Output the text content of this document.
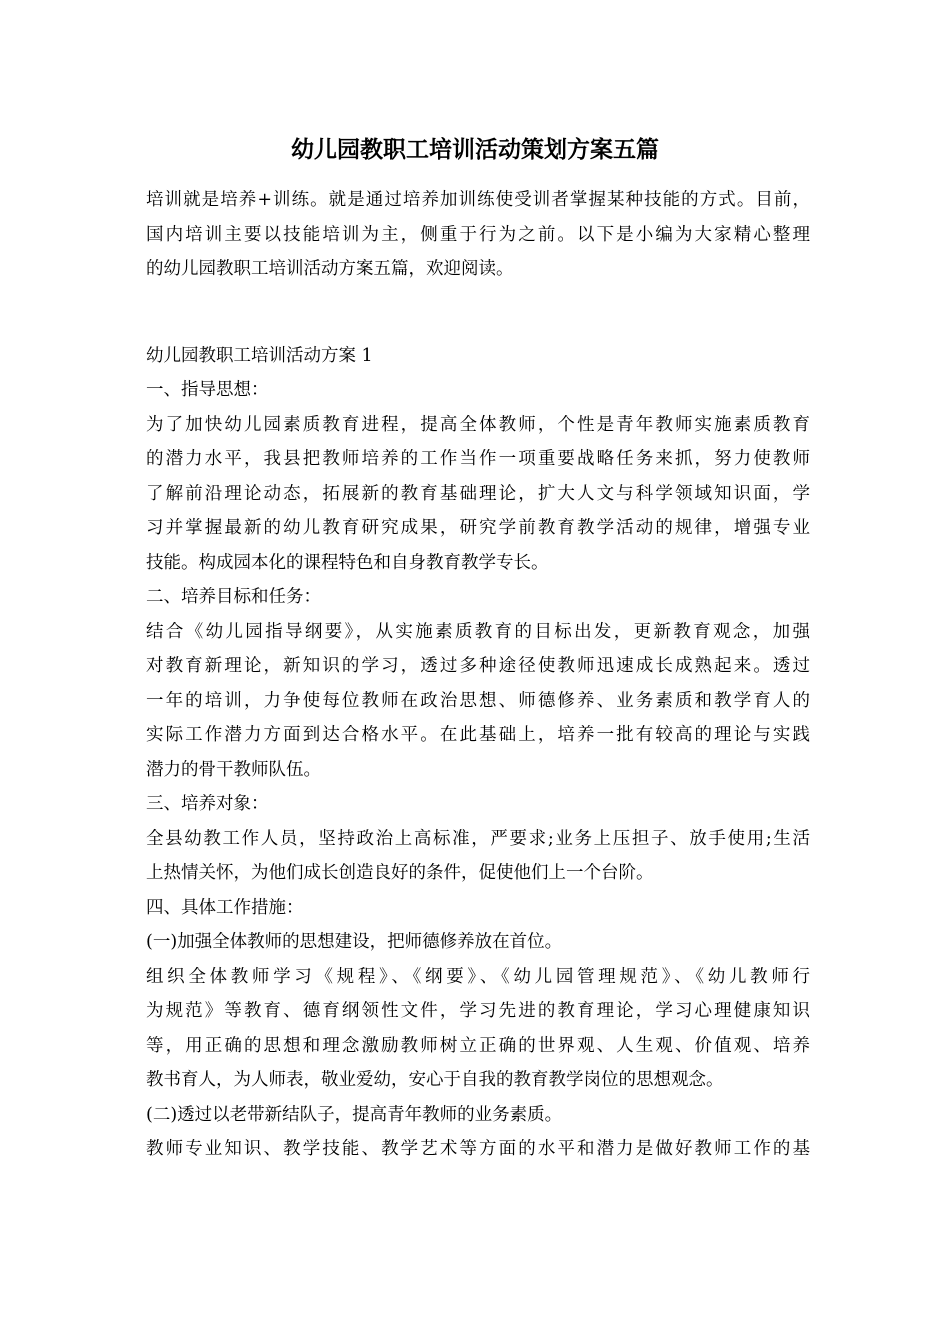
幼儿园教职工培训活动策划方案五篇
培训就是培养+训练。就是通过培养加训练使受训者掌握某种技能的方式。目前，
国内培训主要以技能培训为主，侧重于行为之前。以下是小编为大家精心整理
的幼儿园教职工培训活动方案五篇，欢迎阅读。
幼儿园教职工培训活动方案 1
一、指导思想：
为了加快幼儿园素质教育进程，提高全体教师，个性是青年教师实施素质教育
的潜力水平，我县把教师培养的工作当作一项重要战略任务来抓，努力使教师
了解前沿理论动态，拓展新的教育基础理论，扩大人文与科学领域知识面，学
习并掌握最新的幼儿教育研究成果，研究学前教育教学活动的规律，增强专业
技能。构成园本化的课程特色和自身教育教学专长。
二、培养目标和任务：
结合《幼儿园指导纲要》，从实施素质教育的目标出发，更新教育观念，加强
对教育新理论，新知识的学习，透过多种途径使教师迅速成长成熟起来。透过
一年的培训，力争使每位教师在政治思想、师德修养、业务素质和教学育人的
实际工作潜力方面到达合格水平。在此基础上，培养一批有较高的理论与实践
潜力的骨干教师队伍。
三、培养对象：
全县幼教工作人员，坚持政治上高标准，严要求;业务上压担子、放手使用;生活
上热情关怀，为他们成长创造良好的条件，促使他们上一个台阶。
四、具体工作措施：
(一)加强全体教师的思想建设，把师德修养放在首位。
组织全体教师学习《规程》、《纲要》、《幼儿园管理规范》、《幼儿教师行
为规范》等教育、德育纲领性文件，学习先进的教育理论，学习心理健康知识
等，用正确的思想和理念激励教师树立正确的世界观、人生观、价值观、培养
教书育人，为人师表，敬业爱幼，安心于自我的教育教学岗位的思想观念。
(二)透过以老带新结队子，提高青年教师的业务素质。
教师专业知识、教学技能、教学艺术等方面的水平和潜力是做好教师工作的基
